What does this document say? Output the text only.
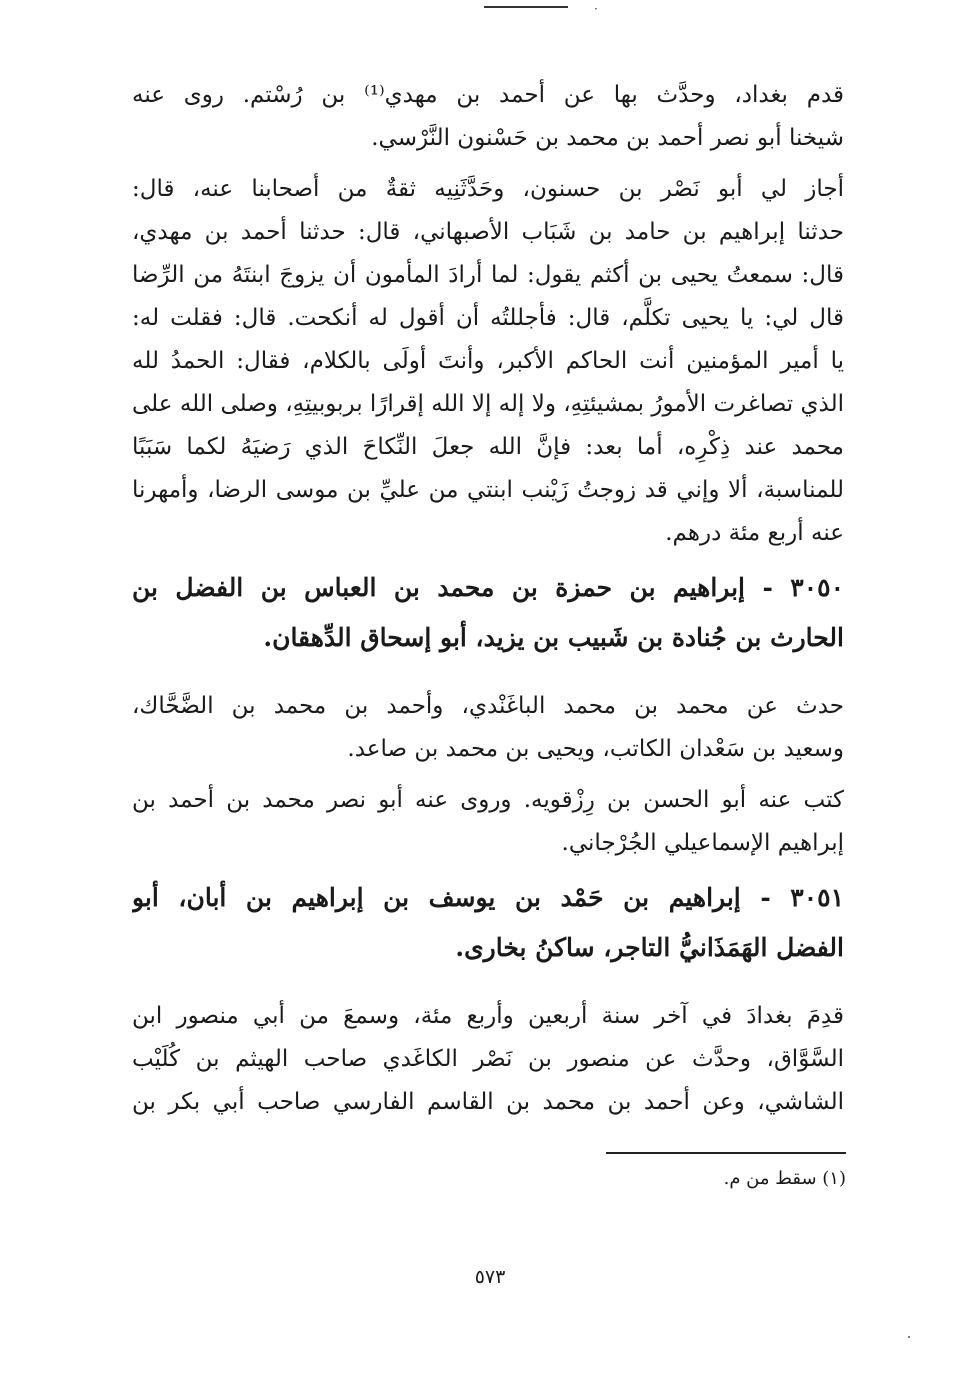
·
قدم بغداد، وحدَّث بها عن أحمد بن مهدي⁽¹⁾ بن رُسْتم. روى عنه
شيخنا أبو نصر أحمد بن محمد بن حَسْنون النَّرْسي.
أجاز لي أبو نَصْر بن حسنون، وحَدَّثَنِيه ثقةٌ من أصحابنا عنه، قال:
حدثنا إبراهيم بن حامد بن شَبَاب الأصبهاني، قال: حدثنا أحمد بن مهدي،
قال: سمعتُ يحيى بن أكثم يقول: لما أرادَ المأمون أن يزوجَ ابنتَهُ من الرِّضا
قال لي: يا يحيى تكلَّم، قال: فأجللتُه أن أقول له أنكحت. قال: فقلت له:
يا أمير المؤمنين أنت الحاكم الأكبر، وأنتَ أولَى بالكلام، فقال: الحمدُ لله
الذي تصاغرت الأمورُ بمشيئتِهِ، ولا إله إلا الله إقرارًا بربوبيتِهِ، وصلى الله على
محمد عند ذِكْرِه، أما بعد: فإنَّ الله جعلَ النِّكاحَ الذي رَضيَهُ لكما سَبَبًا
للمناسبة، ألا وإني قد زوجتُ زَيْنب ابنتي من عليِّ بن موسى الرضا، وأمهرنا
عنه أربع مئة درهم.
٣٠٥٠ - إبراهيم بن حمزة بن محمد بن العباس بن الفضل بن
الحارث بن جُنادة بن شَبيب بن يزيد، أبو إسحاق الدِّهقان.
حدث عن محمد بن محمد الباغَنْدي، وأحمد بن محمد بن الضَّحَّاك،
وسعيد بن سَعْدان الكاتب، ويحيى بن محمد بن صاعد.
كتب عنه أبو الحسن بن رِزْقويه. وروى عنه أبو نصر محمد بن أحمد بن
إبراهيم الإسماعيلي الجُرْجاني.
٣٠٥١ - إبراهيم بن حَمْد بن يوسف بن إبراهيم بن أبان، أبو
الفضل الهَمَذَانيُّ التاجر، ساكنُ بخارى.
قدِمَ بغدادَ في آخر سنة أربعين وأربع مئة، وسمعَ من أبي منصور ابن
السَّوَّاق، وحدَّث عن منصور بن نَصْر الكاغَدي صاحب الهيثم بن كُلَيْب
الشاشي، وعن أحمد بن محمد بن القاسم الفارسي صاحب أبي بكر بن
(١) سقط من م.
٥٧٣
